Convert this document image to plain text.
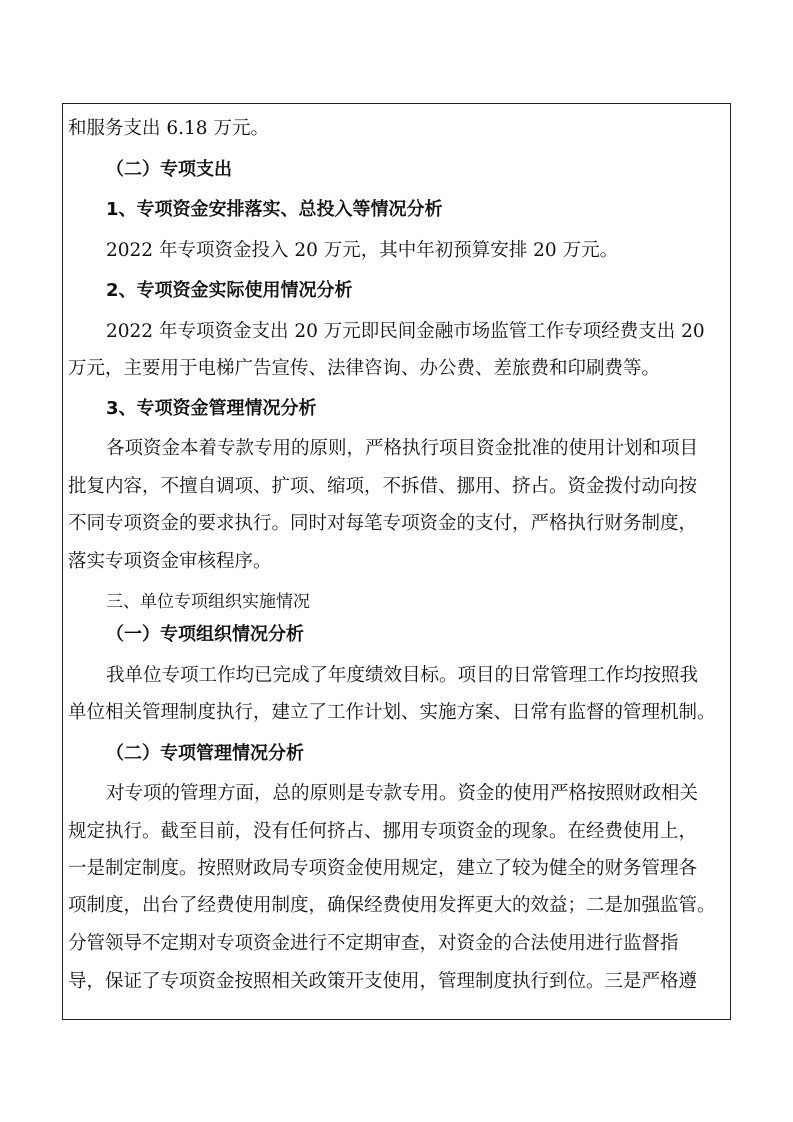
和服务支出 6.18 万元。
（二）专项支出
1、专项资金安排落实、总投入等情况分析
2022 年专项资金投入 20 万元，其中年初预算安排 20 万元。
2、专项资金实际使用情况分析
2022 年专项资金支出 20 万元即民间金融市场监管工作专项经费支出 20
万元，主要用于电梯广告宣传、法律咨询、办公费、差旅费和印刷费等。
3、专项资金管理情况分析
各项资金本着专款专用的原则，严格执行项目资金批准的使用计划和项目
批复内容，不擅自调项、扩项、缩项，不拆借、挪用、挤占。资金拨付动向按
不同专项资金的要求执行。同时对每笔专项资金的支付，严格执行财务制度，
落实专项资金审核程序。
三、单位专项组织实施情况
（一）专项组织情况分析
我单位专项工作均已完成了年度绩效目标。项目的日常管理工作均按照我
单位相关管理制度执行，建立了工作计划、实施方案、日常有监督的管理机制。
（二）专项管理情况分析
对专项的管理方面，总的原则是专款专用。资金的使用严格按照财政相关
规定执行。截至目前，没有任何挤占、挪用专项资金的现象。在经费使用上，
一是制定制度。按照财政局专项资金使用规定，建立了较为健全的财务管理各
项制度，出台了经费使用制度，确保经费使用发挥更大的效益；二是加强监管。
分管领导不定期对专项资金进行不定期审查，对资金的合法使用进行监督指
导，保证了专项资金按照相关政策开支使用，管理制度执行到位。三是严格遵
